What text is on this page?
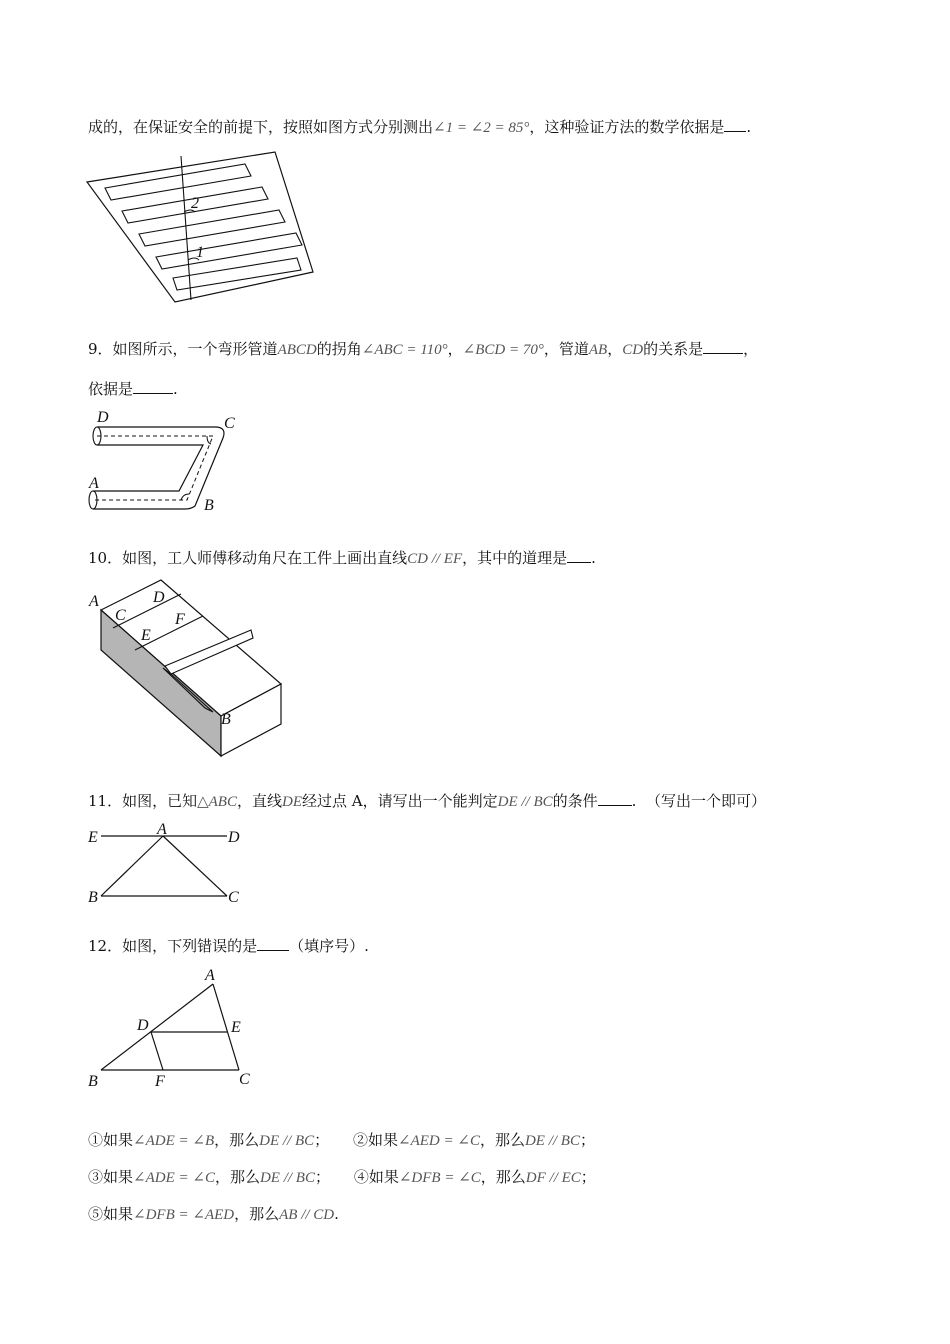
成的，在保证安全的前提下，按照如图方式分别测出∠1 = ∠2 = 85°，这种验证方法的数学依据是 .
2
1
9．如图所示，一个弯形管道ABCD的拐角∠ABC = 110°，∠BCD = 70°，管道AB，CD的关系是	，
依据是	.
D	C
A
B
10．如图，工人师傅移动角尺在工件上画出直线CD // EF，其中的道理是 .
A
C
D
E
F
B
11．如图，已知△ABC，直线DE经过点 A，请写出一个能判定DE // BC的条件 . （写出一个即可）
E	A	D
B	C
12．如图，下列错误的是 （填序号）.
A
D	E
B	F	C
①如果∠ADE = ∠B，那么DE // BC； ②如果∠AED = ∠C，那么DE // BC；
③如果∠ADE = ∠C，那么DE // BC； ④如果∠DFB = ∠C，那么DF // EC；
⑤如果∠DFB = ∠AED，那么AB // CD.
